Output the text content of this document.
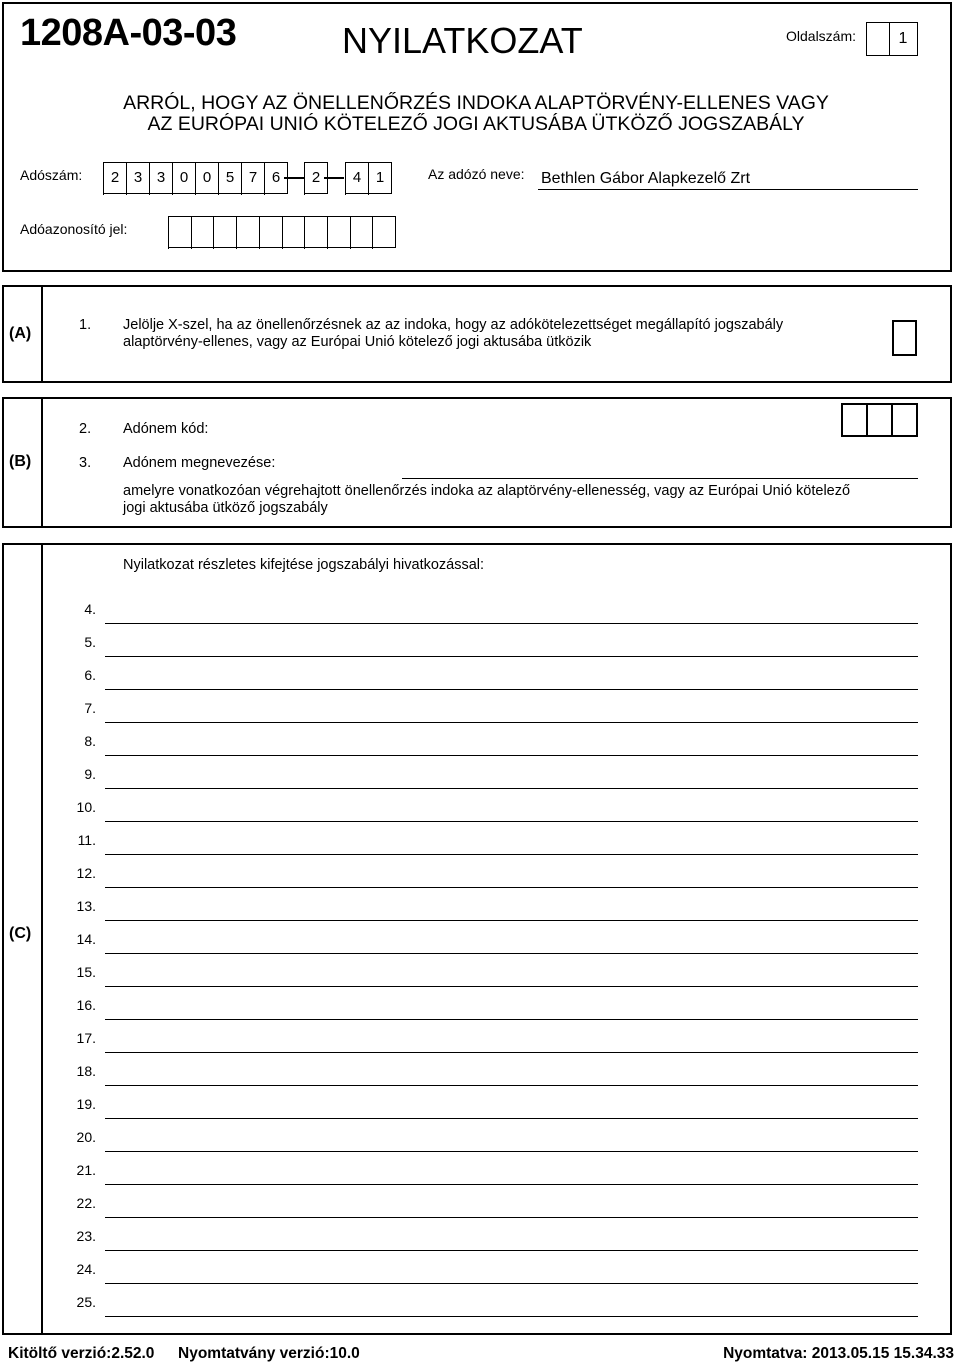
1208A-03-03	NYILATKOZAT	Oldalszám:	1
ARRÓL, HOGY AZ ÖNELLENŐRZÉS INDOKA ALAPTÖRVÉNY-ELLENES VAGY
AZ EURÓPAI UNIÓ KÖTELEZŐ JOGI AKTUSÁBA ÜTKÖZŐ JOGSZABÁLY
Adószám:	2 3 3 0 0 5 7 6	2	4 1	Az adózó neve: Bethlen Gábor Alapkezelő Zrt
Adóazonosító jel:
(A)	1. Jelölje X-szel, ha az önellenőrzésnek az az indoka, hogy az adókötelezettséget megállapító jogszabály
alaptörvény-ellenes, vagy az Európai Unió kötelező jogi aktusába ütközik
(B)
2. Adónem kód:
3. Adónem megnevezése:
amelyre vonatkozóan végrehajtott önellenőrzés indoka az alaptörvény-ellenesség, vagy az Európai Unió kötelező
jogi aktusába ütköző jogszabály
(C)
Nyilatkozat részletes kifejtése jogszabályi hivatkozással:
4.
5.
6.
7.
8.
9.
10.
11.
12.
13.
14.
15.
16.
17.
18.
19.
20.
21.
22.
23.
24.
25.
Kitöltő verzió:2.52.0 Nyomtatvány verzió:10.0	Nyomtatva: 2013.05.15 15.34.33
